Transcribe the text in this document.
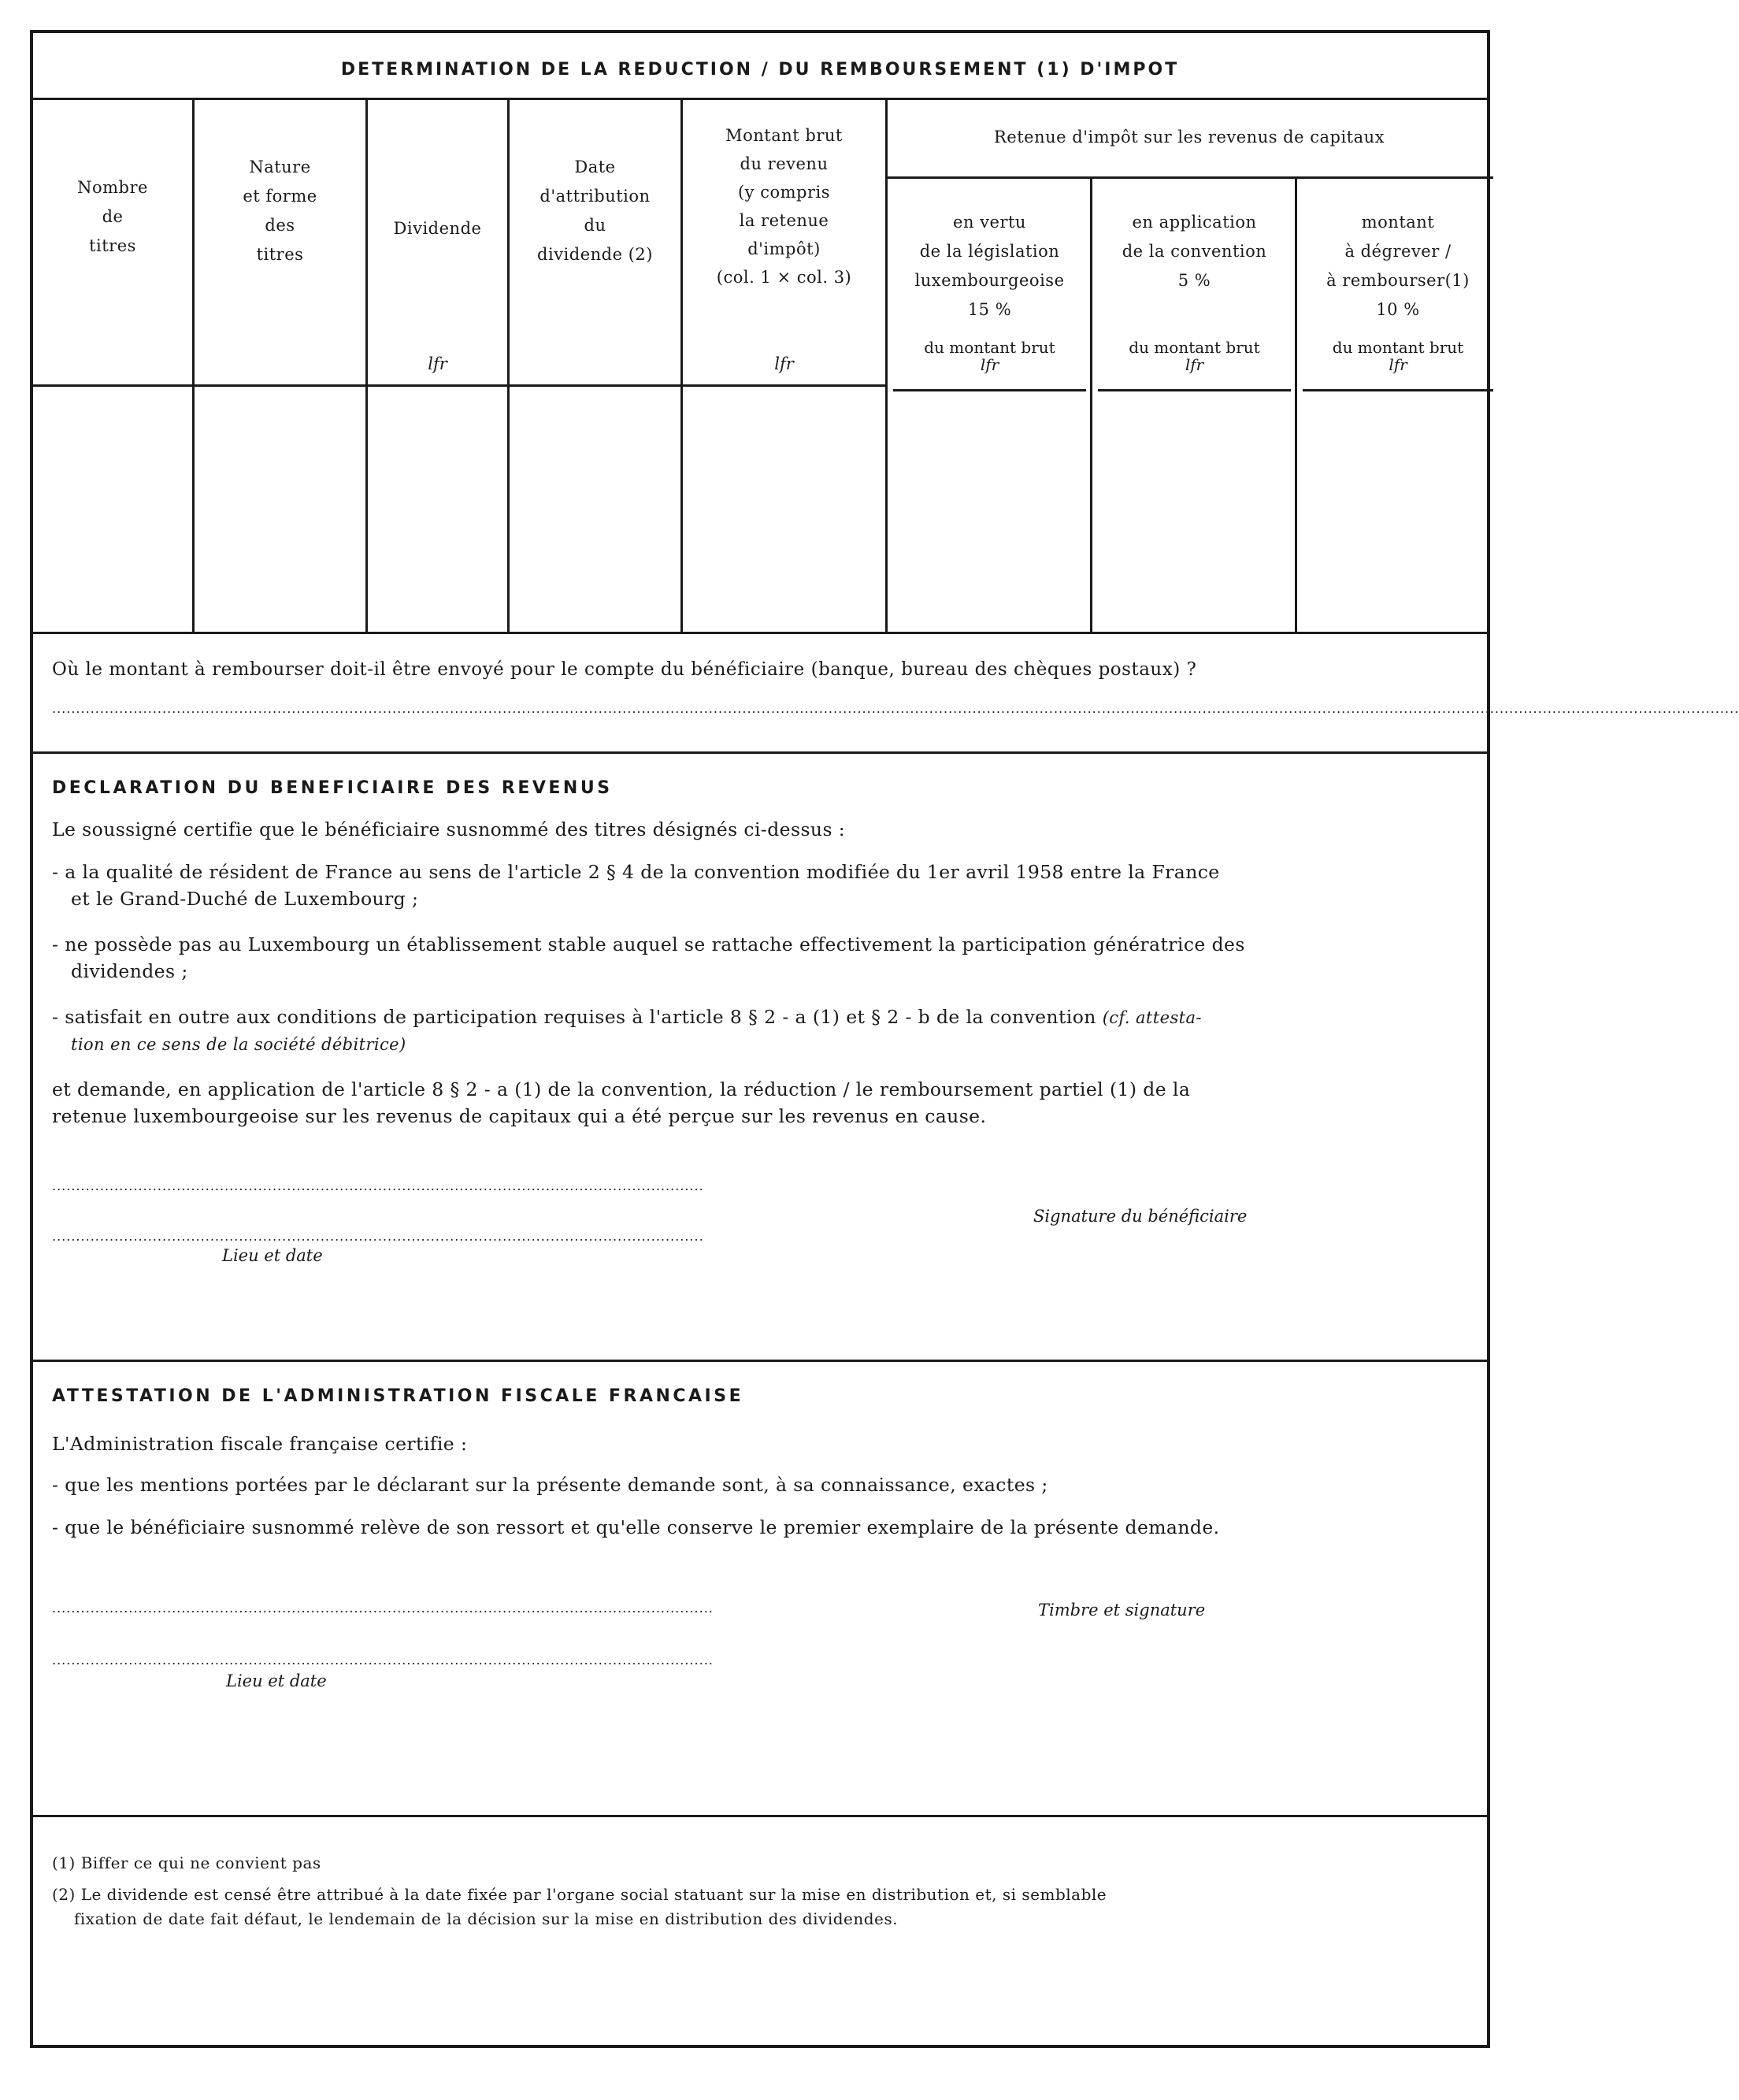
DETERMINATION DE LA REDUCTION / DU REMBOURSEMENT (1) D'IMPOT
Nombre
de
titres
Nature
et forme
des
titres
Dividende
Date
d'attribution
du
dividende (2)
Montant brut
du revenu
(y compris
la retenue
d'impôt)
(col. 1 × col. 3)
Retenue d'impôt sur les revenus de capitaux
en vertu
de la législation
luxembourgeoise
15 %
en application
de la convention
5 %
montant
à dégrever /
à rembourser(1)
10 %
lfr	lfr
du montant brut
lfr
du montant brut
lfr
du montant brut
lfr
Où le montant à rembourser doit-il être envoyé pour le compte du bénéficiaire (banque, bureau des chèques postaux) ?
................................................................................................................................................................................................................................................................................................................................................................
DECLARATION DU BENEFICIAIRE DES REVENUS
Le soussigné certifie que le bénéficiaire susnommé des titres désignés ci-dessus :
- a la qualité de résident de France au sens de l'article 2 § 4 de la convention modifiée du 1er avril 1958 entre la France
et le Grand-Duché de Luxembourg ;
- ne possède pas au Luxembourg un établissement stable auquel se rattache effectivement la participation génératrice des
dividendes ;
- satisfait en outre aux conditions de participation requises à l'article 8 § 2 - a (1) et § 2 - b de la convention (cf. attesta-
tion en ce sens de la société débitrice)
et demande, en application de l'article 8 § 2 - a (1) de la convention, la réduction / le remboursement partiel (1) de la
retenue luxembourgeoise sur les revenus de capitaux qui a été perçue sur les revenus en cause.
........................................................................................................................................
........................................................................................................................................
Lieu et date
Signature du bénéficiaire
ATTESTATION DE L'ADMINISTRATION FISCALE FRANCAISE
L'Administration fiscale française certifie :
- que les mentions portées par le déclarant sur la présente demande sont, à sa connaissance, exactes ;
- que le bénéficiaire susnommé relève de son ressort et qu'elle conserve le premier exemplaire de la présente demande.
..........................................................................................................................................
..........................................................................................................................................
Lieu et date
Timbre et signature
(1) Biffer ce qui ne convient pas
(2) Le dividende est censé être attribué à la date fixée par l'organe social statuant sur la mise en distribution et, si semblable
fixation de date fait défaut, le lendemain de la décision sur la mise en distribution des dividendes.
